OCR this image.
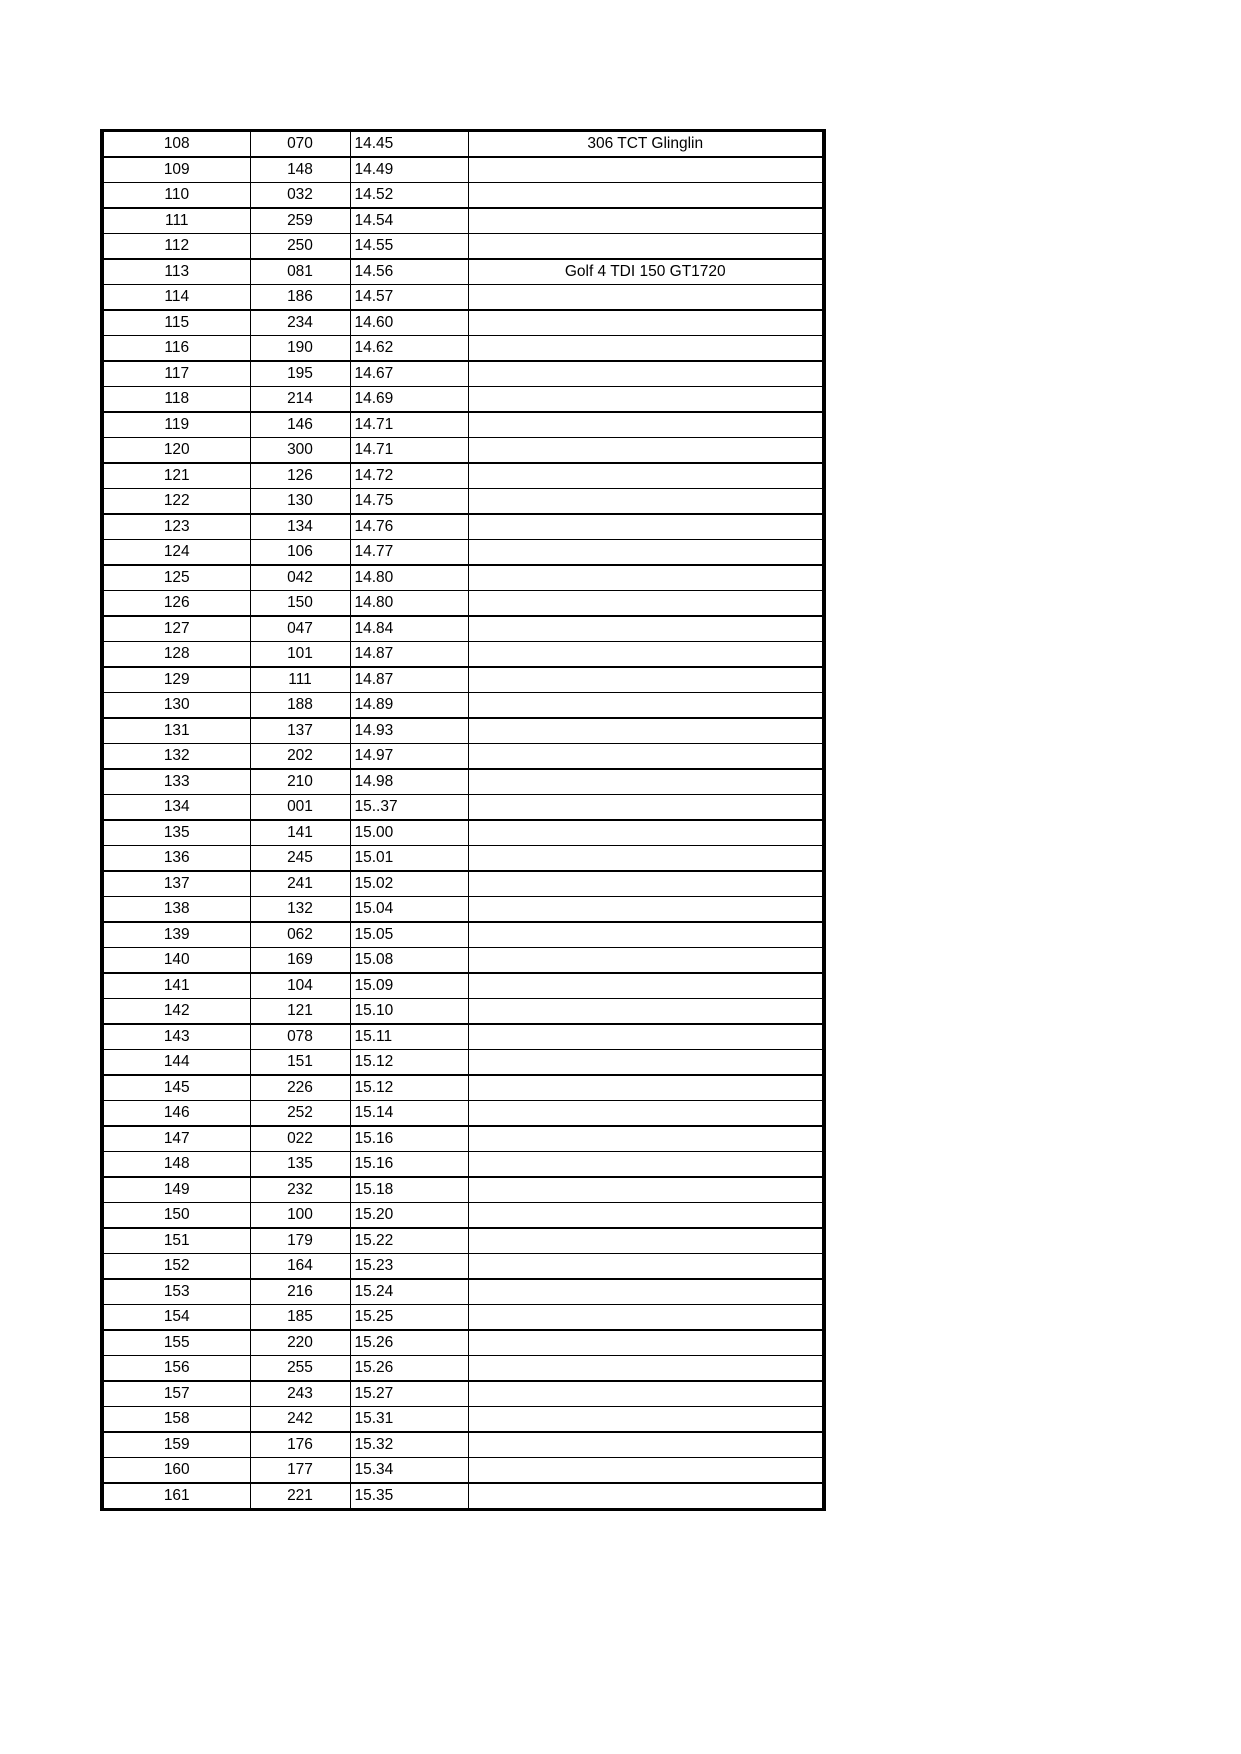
108	070	14.45	306 TCT Glinglin
109	148	14.49	
110	032	14.52	
111	259	14.54	
112	250	14.55	
113	081	14.56	Golf 4 TDI 150 GT1720
114	186	14.57	
115	234	14.60	
116	190	14.62	
117	195	14.67	
118	214	14.69	
119	146	14.71	
120	300	14.71	
121	126	14.72	
122	130	14.75	
123	134	14.76	
124	106	14.77	
125	042	14.80	
126	150	14.80	
127	047	14.84	
128	101	14.87	
129	111	14.87	
130	188	14.89	
131	137	14.93	
132	202	14.97	
133	210	14.98	
134	001	15..37	
135	141	15.00	
136	245	15.01	
137	241	15.02	
138	132	15.04	
139	062	15.05	
140	169	15.08	
141	104	15.09	
142	121	15.10	
143	078	15.11	
144	151	15.12	
145	226	15.12	
146	252	15.14	
147	022	15.16	
148	135	15.16	
149	232	15.18	
150	100	15.20	
151	179	15.22	
152	164	15.23	
153	216	15.24	
154	185	15.25	
155	220	15.26	
156	255	15.26	
157	243	15.27	
158	242	15.31	
159	176	15.32	
160	177	15.34	
161	221	15.35	
